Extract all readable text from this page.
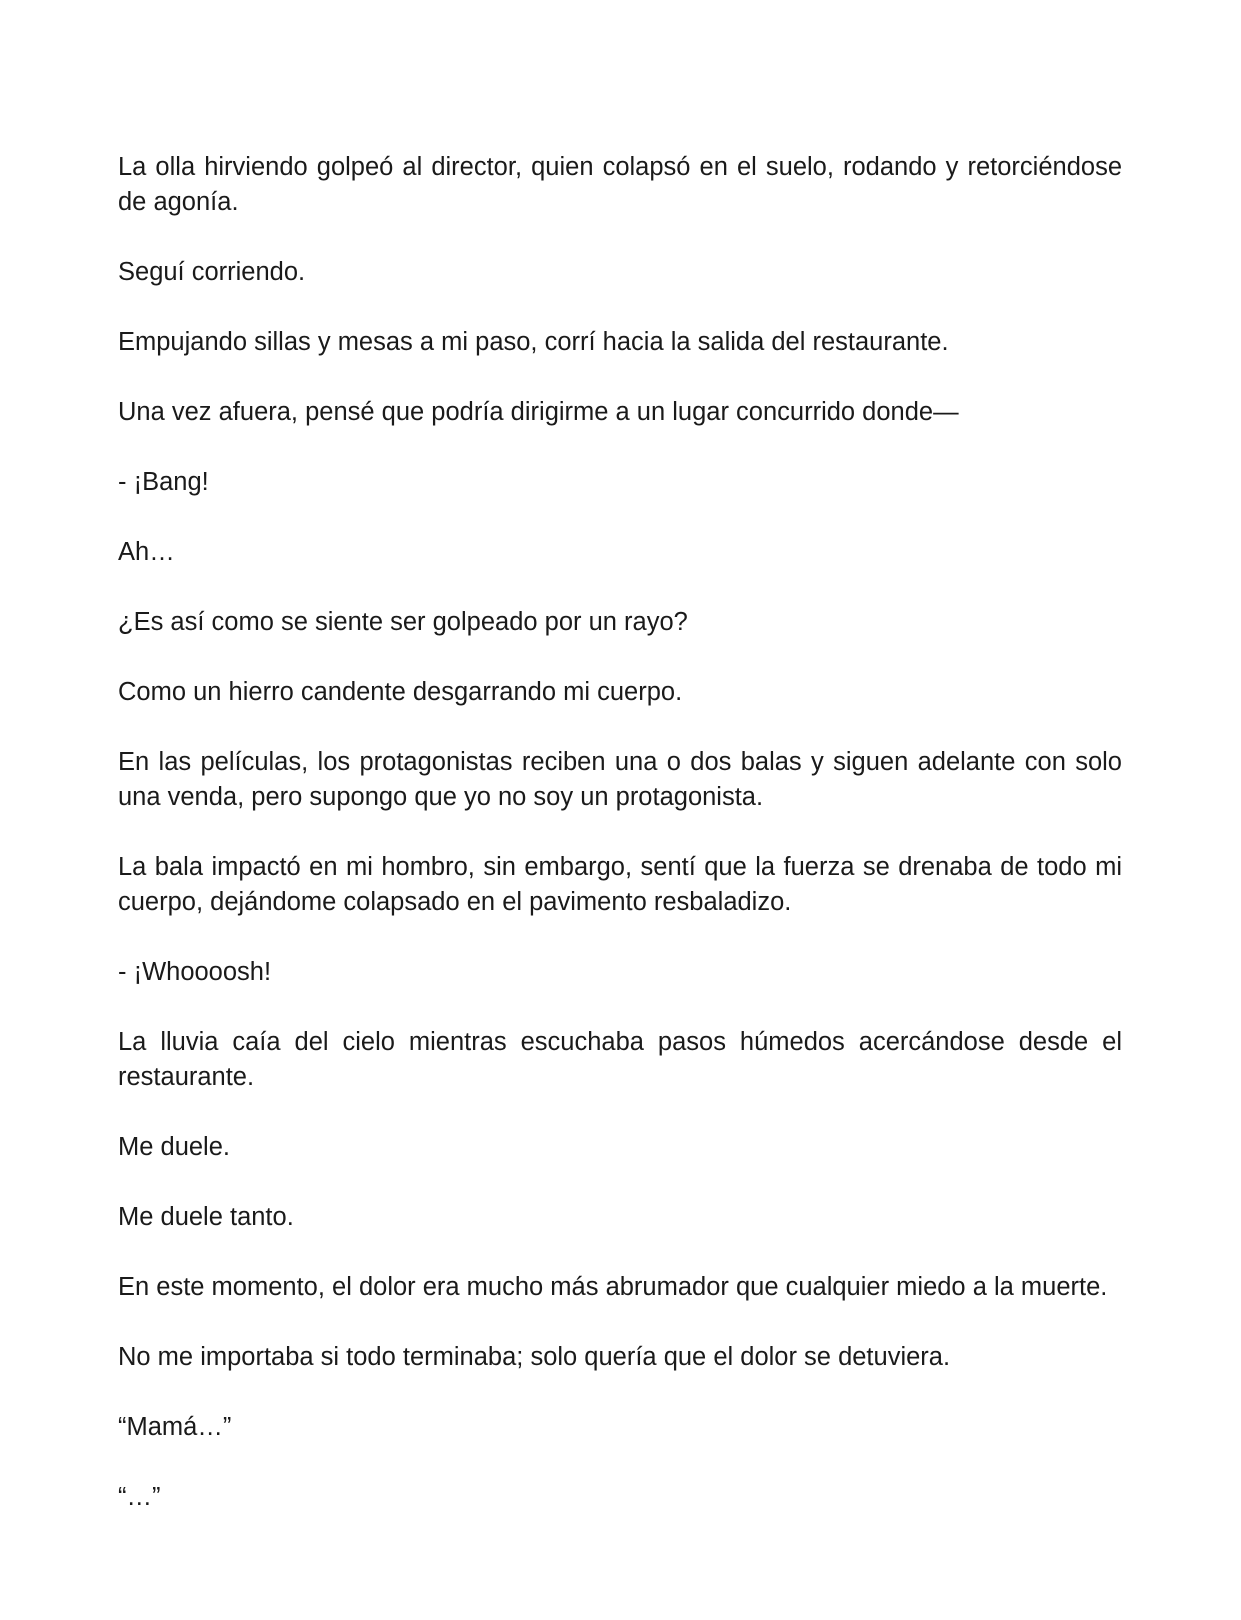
La olla hirviendo golpeó al director, quien colapsó en el suelo, rodando y retorciéndose de agonía.

Seguí corriendo.

Empujando sillas y mesas a mi paso, corrí hacia la salida del restaurante.

Una vez afuera, pensé que podría dirigirme a un lugar concurrido donde—

- ¡Bang!

Ah…

¿Es así como se siente ser golpeado por un rayo?

Como un hierro candente desgarrando mi cuerpo.

En las películas, los protagonistas reciben una o dos balas y siguen adelante con solo una venda, pero supongo que yo no soy un protagonista.

La bala impactó en mi hombro, sin embargo, sentí que la fuerza se drenaba de todo mi cuerpo, dejándome colapsado en el pavimento resbaladizo.

- ¡Whoooosh!

La lluvia caía del cielo mientras escuchaba pasos húmedos acercándose desde el restaurante.

Me duele.

Me duele tanto.

En este momento, el dolor era mucho más abrumador que cualquier miedo a la muerte.

No me importaba si todo terminaba; solo quería que el dolor se detuviera.

“Mamá…”

“…”
